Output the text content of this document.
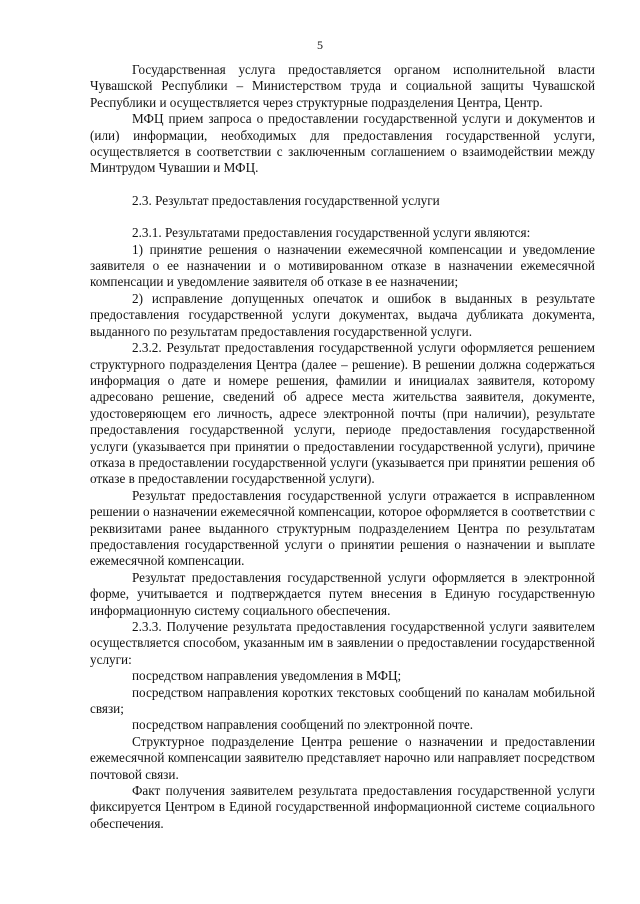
5

Государственная услуга предоставляется органом исполнительной власти Чувашской Республики – Министерством труда и социальной защиты Чувашской Республики и осуществляется через структурные подразделения Центра, Центр.

МФЦ прием запроса о предоставлении государственной услуги и документов и (или) информации, необходимых для предоставления государственной услуги, осуществляется в соответствии с заключенным соглашением о взаимодействии между Минтрудом Чувашии и МФЦ.

2.3. Результат предоставления государственной услуги

2.3.1. Результатами предоставления государственной услуги являются:

1) принятие решения о назначении ежемесячной компенсации и уведомление заявителя о ее назначении и о мотивированном отказе в назначении ежемесячной компенсации и уведомление заявителя об отказе в ее назначении;

2) исправление допущенных опечаток и ошибок в выданных в результате предоставления государственной услуги документах, выдача дубликата документа, выданного по результатам предоставления государственной услуги.

2.3.2. Результат предоставления государственной услуги оформляется решением структурного подразделения Центра (далее – решение). В решении должна содержаться информация о дате и номере решения, фамилии и инициалах заявителя, которому адресовано решение, сведений об адресе места жительства заявителя, документе, удостоверяющем его личность, адресе электронной почты (при наличии), результате предоставления государственной услуги, периоде предоставления государственной услуги (указывается при принятии о предоставлении государственной услуги), причине отказа в предоставлении государственной услуги (указывается при принятии решения об отказе в предоставлении государственной услуги).

Результат предоставления государственной услуги отражается в исправленном решении о назначении ежемесячной компенсации, которое оформляется в соответствии с реквизитами ранее выданного структурным подразделением Центра по результатам предоставления государственной услуги о принятии решения о назначении и выплате ежемесячной компенсации.

Результат предоставления государственной услуги оформляется в электронной форме, учитывается и подтверждается путем внесения в Единую государственную информационную систему социального обеспечения.

2.3.3. Получение результата предоставления государственной услуги заявителем осуществляется способом, указанным им в заявлении о предоставлении государственной услуги:

посредством направления уведомления в МФЦ;

посредством направления коротких текстовых сообщений по каналам мобильной связи;

посредством направления сообщений по электронной почте.

Структурное подразделение Центра решение о назначении и предоставлении ежемесячной компенсации заявителю представляет нарочно или направляет посредством почтовой связи.

Факт получения заявителем результата предоставления государственной услуги фиксируется Центром в Единой государственной информационной системе социального обеспечения.
